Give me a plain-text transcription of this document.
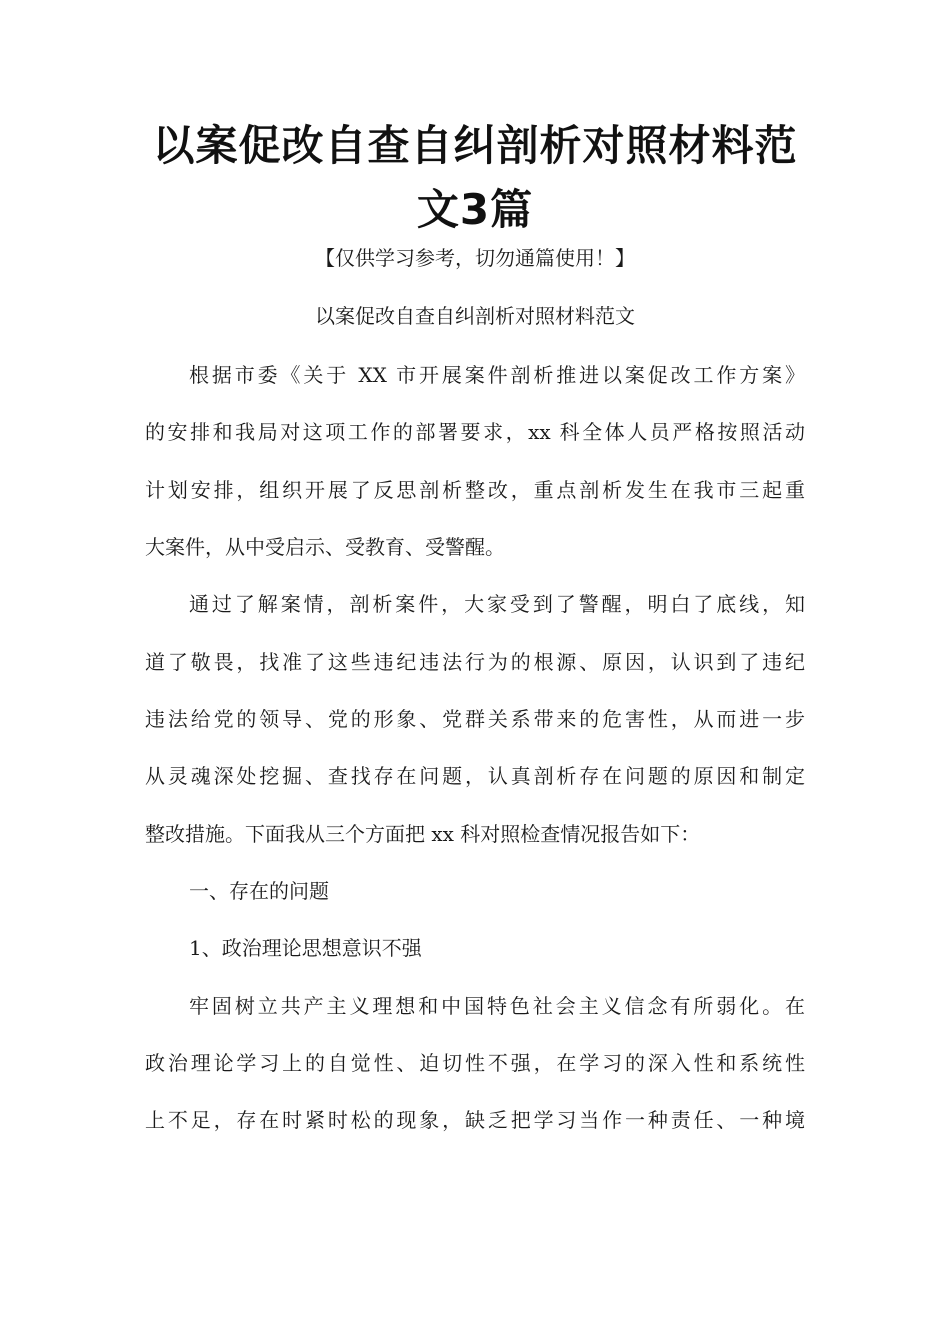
以案促改自查自纠剖析对照材料范
文3篇
【仅供学习参考，切勿通篇使用！】
以案促改自查自纠剖析对照材料范文
根据市委《关于 XX 市开展案件剖析推进以案促改工作方案》
的安排和我局对这项工作的部署要求，xx 科全体人员严格按照活动
计划安排，组织开展了反思剖析整改，重点剖析发生在我市三起重
大案件，从中受启示、受教育、受警醒。
通过了解案情，剖析案件，大家受到了警醒，明白了底线，知
道了敬畏，找准了这些违纪违法行为的根源、原因，认识到了违纪
违法给党的领导、党的形象、党群关系带来的危害性，从而进一步
从灵魂深处挖掘、查找存在问题，认真剖析存在问题的原因和制定
整改措施。下面我从三个方面把 xx 科对照检查情况报告如下：
一、存在的问题
1、政治理论思想意识不强
牢固树立共产主义理想和中国特色社会主义信念有所弱化。在
政治理论学习上的自觉性、迫切性不强，在学习的深入性和系统性
上不足，存在时紧时松的现象，缺乏把学习当作一种责任、一种境
